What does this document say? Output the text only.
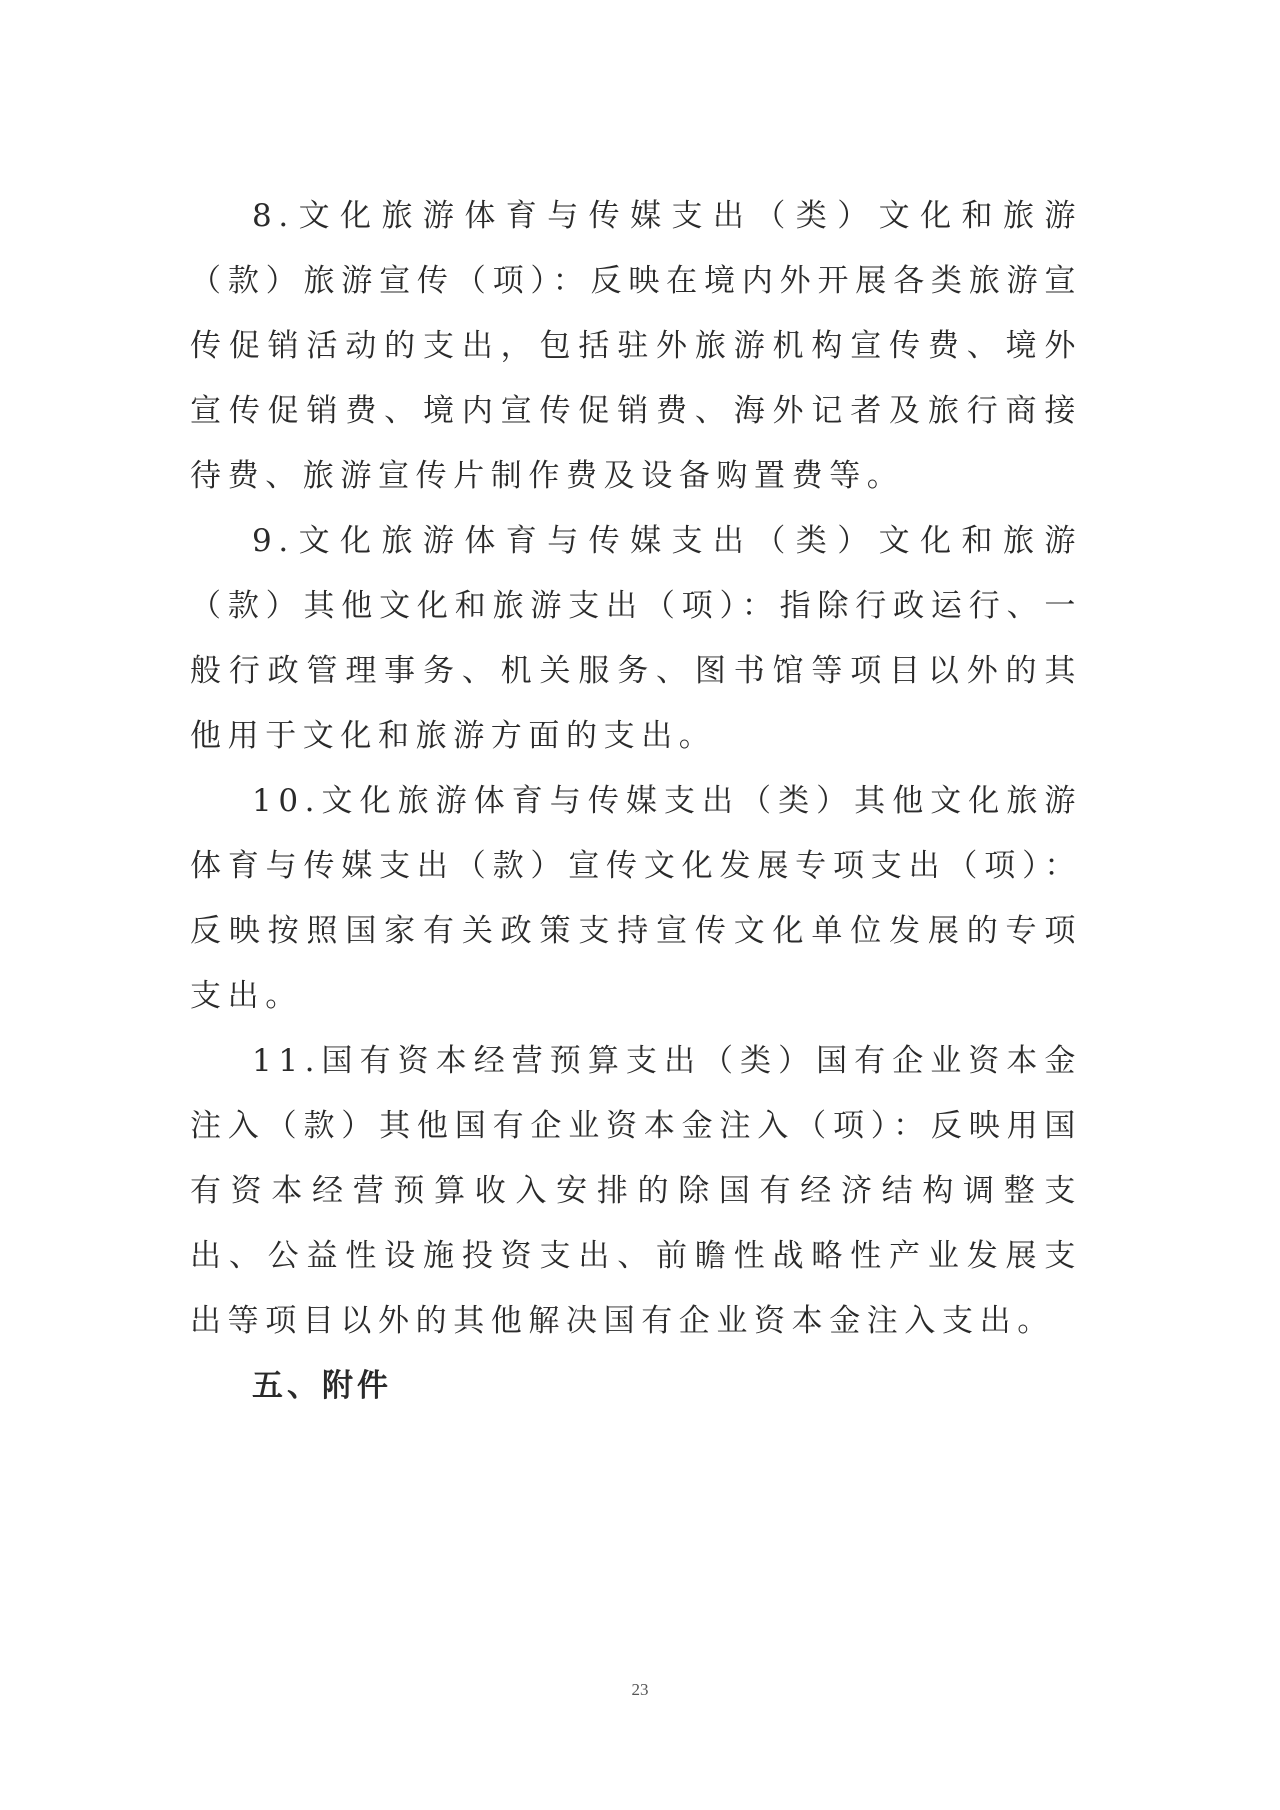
8.文化旅游体育与传媒支出（类）文化和旅游（款）旅游宣传（项）：反映在境内外开展各类旅游宣传促销活动的支出，包括驻外旅游机构宣传费、境外宣传促销费、境内宣传促销费、海外记者及旅行商接待费、旅游宣传片制作费及设备购置费等。

9.文化旅游体育与传媒支出（类）文化和旅游（款）其他文化和旅游支出（项）：指除行政运行、一般行政管理事务、机关服务、图书馆等项目以外的其他用于文化和旅游方面的支出。

10.文化旅游体育与传媒支出（类）其他文化旅游体育与传媒支出（款）宣传文化发展专项支出（项）：反映按照国家有关政策支持宣传文化单位发展的专项支出。

11.国有资本经营预算支出（类）国有企业资本金注入（款）其他国有企业资本金注入（项）：反映用国有资本经营预算收入安排的除国有经济结构调整支出、公益性设施投资支出、前瞻性战略性产业发展支出等项目以外的其他解决国有企业资本金注入支出。

五、附件

23
